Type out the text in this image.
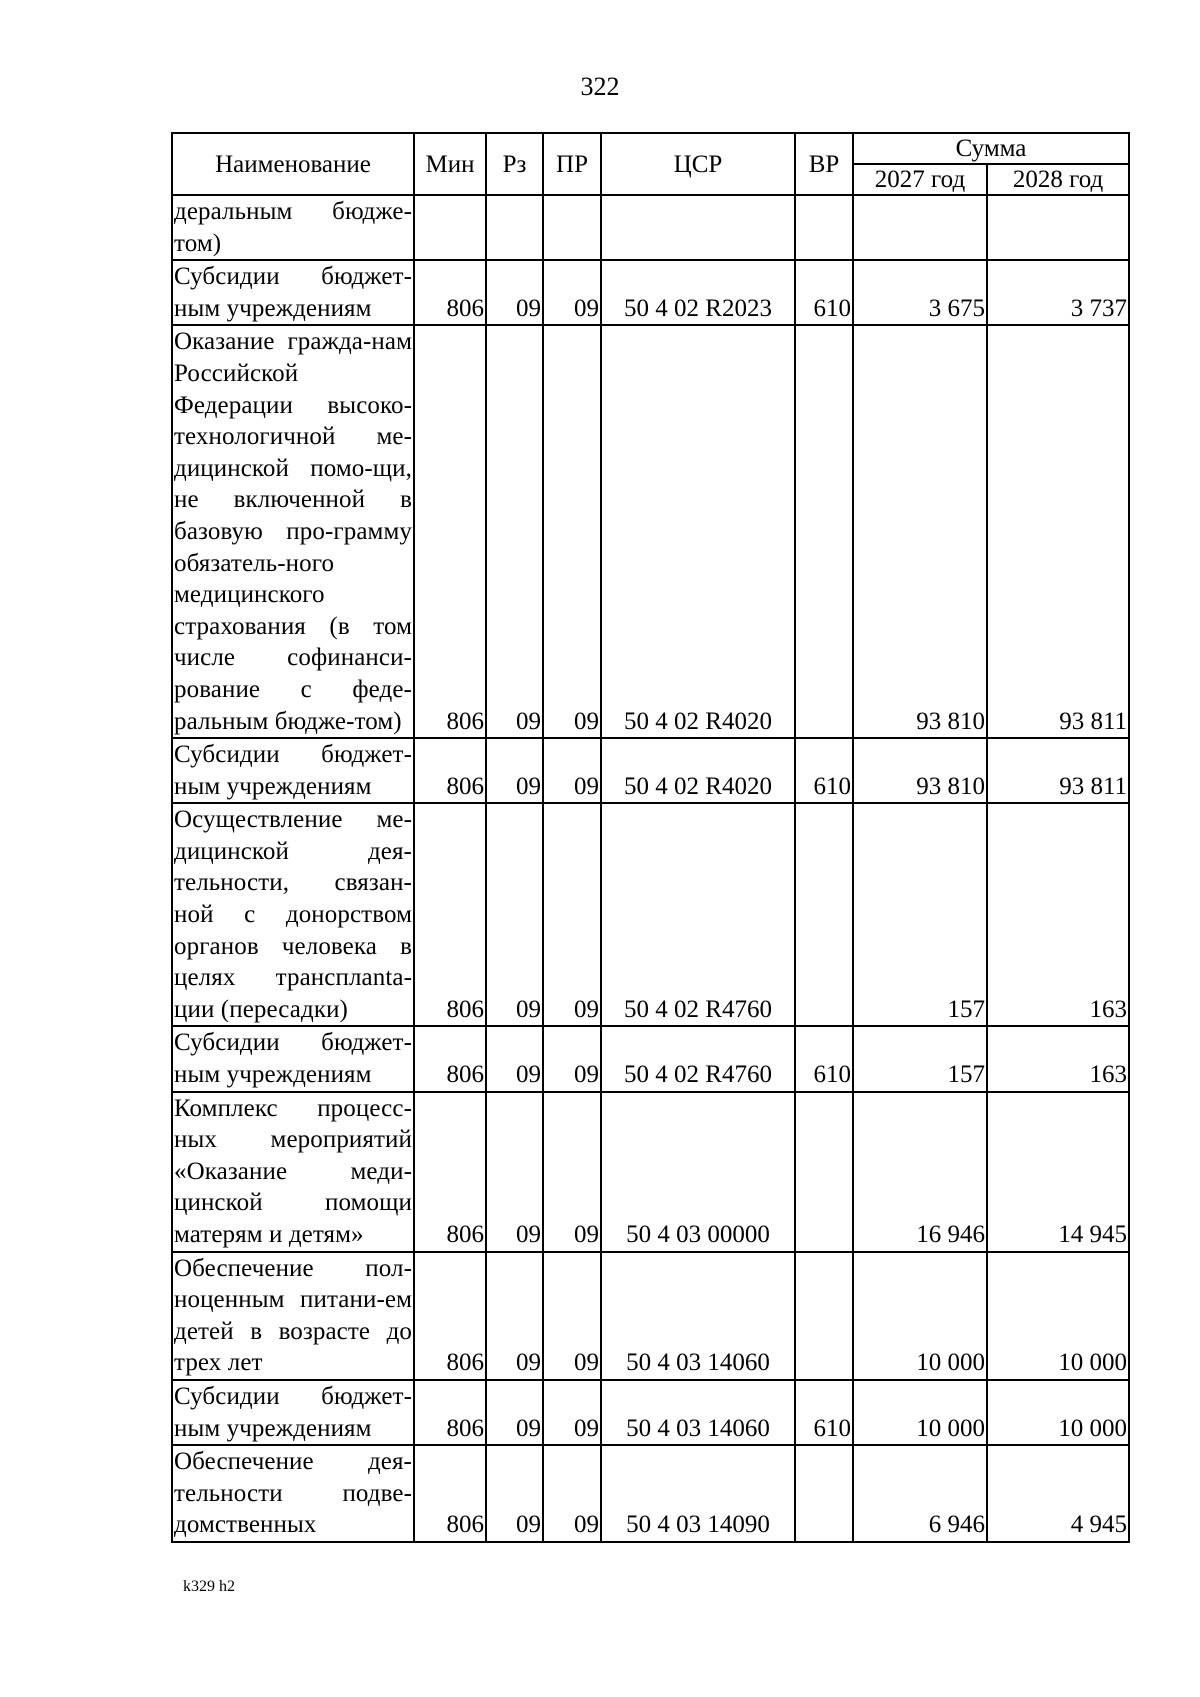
322
Наименование	Мин	Рз	ПР	ЦСР	ВР	Сумма	
						2027 год	2028 год
деральным бюдже-том)							
Субсидии бюджет-ным учреждениям	806	09	09	50 4 02 R2023	610	3 675	3 737
Оказание гражда-нам Российской Федерации высоко-технологичной ме-дицинской помо-щи, не включенной в базовую про-грамму обязатель-ного медицинского страхования (в том числе софинанси-рование с феде-ральным бюдже-том)	806	09	09	50 4 02 R4020		93 810	93 811
Субсидии бюджет-ным учреждениям	806	09	09	50 4 02 R4020	610	93 810	93 811
Осуществление ме-дицинской дея-тельности, связан-ной с донорством органов человека в целях трансплanta-ции (пересадки)	806	09	09	50 4 02 R4760		157	163
Субсидии бюджет-ным учреждениям	806	09	09	50 4 02 R4760	610	157	163
Комплекс процесс-ных мероприятий «Оказание меди-цинской помощи матерям и детям»	806	09	09	50 4 03 00000		16 946	14 945
Обеспечение пол-ноценным питани-ем детей в возрасте до трех лет	806	09	09	50 4 03 14060		10 000	10 000
Субсидии бюджет-ным учреждениям	806	09	09	50 4 03 14060	610	10 000	10 000
Обеспечение дея-тельности подве-домственных	806	09	09	50 4 03 14090		6 946	4 945
k329 h2
